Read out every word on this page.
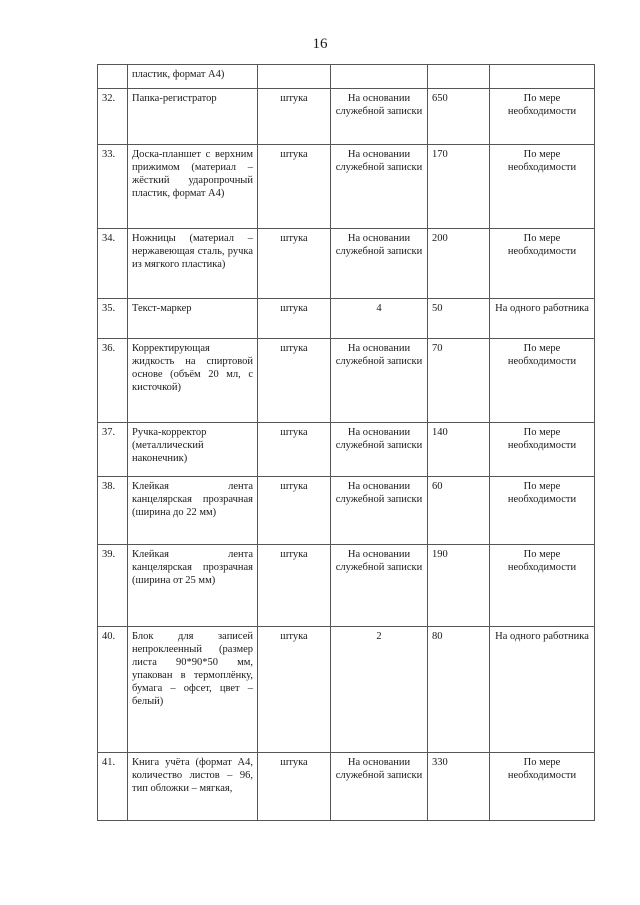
16
	пластик, формат А4)				
32.	Папка-регистратор	штука	На основании служебной записки	650	По мере необходимости
33.	Доска-планшет с верхним прижимом (материал – жёсткий ударопрочный пластик, формат А4)	штука	На основании служебной записки	170	По мере необходимости
34.	Ножницы (материал – нержавеющая сталь, ручка из мягкого пластика)	штука	На основании служебной записки	200	По мере необходимости
35.	Текст-маркер	штука	4	50	На одного работника
36.	Корректирующая жидкость на спиртовой основе (объём 20 мл, с кисточкой)	штука	На основании служебной записки	70	По мере необходимости
37.	Ручка-корректор (металлический наконечник)	штука	На основании служебной записки	140	По мере необходимости
38.	Клейкая лента канцелярская прозрачная (ширина до 22 мм)	штука	На основании служебной записки	60	По мере необходимости
39.	Клейкая лента канцелярская прозрачная (ширина от 25 мм)	штука	На основании служебной записки	190	По мере необходимости
40.	Блок для записей непроклеенный (размер листа 90*90*50 мм, упакован в термоплёнку, бумага – офсет, цвет – белый)	штука	2	80	На одного работника
41.	Книга учёта (формат А4, количество листов – 96, тип обложки – мягкая,	штука	На основании служебной записки	330	По мере необходимости
